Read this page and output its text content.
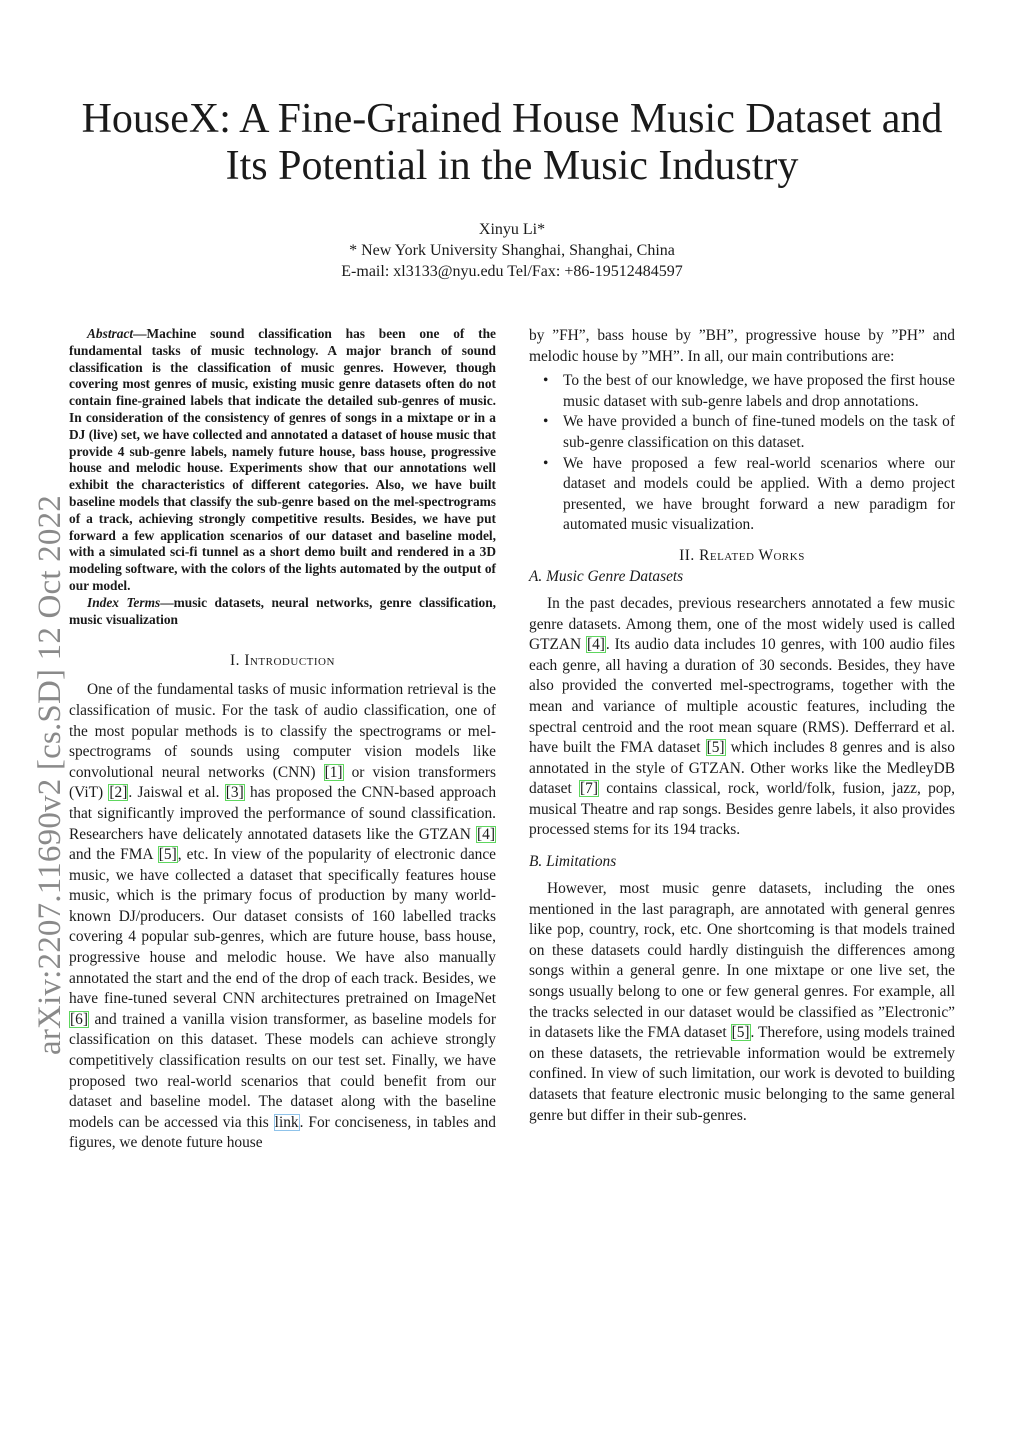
arXiv:2207.11690v2 [cs.SD] 12 Oct 2022
HouseX: A Fine-Grained House Music Dataset and Its Potential in the Music Industry
Xinyu Li*
* New York University Shanghai, Shanghai, China
E-mail: xl3133@nyu.edu Tel/Fax: +86-19512484597

Abstract—Machine sound classification has been one of the fundamental tasks of music technology. A major branch of sound classification is the classification of music genres. However, though covering most genres of music, existing music genre datasets often do not contain fine-grained labels that indicate the detailed sub-genres of music. In consideration of the consistency of genres of songs in a mixtape or in a DJ (live) set, we have collected and annotated a dataset of house music that provide 4 sub-genre labels, namely future house, bass house, progressive house and melodic house. Experiments show that our annotations well exhibit the characteristics of different categories. Also, we have built baseline models that classify the sub-genre based on the mel-spectrograms of a track, achieving strongly competitive results. Besides, we have put forward a few application scenarios of our dataset and baseline model, with a simulated sci-fi tunnel as a short demo built and rendered in a 3D modeling software, with the colors of the lights automated by the output of our model.

Index Terms—music datasets, neural networks, genre classification, music visualization

I. Introduction

One of the fundamental tasks of music information retrieval is the classification of music. For the task of audio classification, one of the most popular methods is to classify the spectrograms or mel-spectrograms of sounds using computer vision models like convolutional neural networks (CNN) [1] or vision transformers (ViT) [2]. Jaiswal et al. [3] has proposed the CNN-based approach that significantly improved the performance of sound classification. Researchers have delicately annotated datasets like the GTZAN [4] and the FMA [5], etc. In view of the popularity of electronic dance music, we have collected a dataset that specifically features house music, which is the primary focus of production by many world-known DJ/producers. Our dataset consists of 160 labelled tracks covering 4 popular sub-genres, which are future house, bass house, progressive house and melodic house. We have also manually annotated the start and the end of the drop of each track. Besides, we have fine-tuned several CNN architectures pretrained on ImageNet [6] and trained a vanilla vision transformer, as baseline models for classification on this dataset. These models can achieve strongly competitively classification results on our test set. Finally, we have proposed two real-world scenarios that could benefit from our dataset and baseline model. The dataset along with the baseline models can be accessed via this link. For conciseness, in tables and figures, we denote future house

by ”FH”, bass house by ”BH”, progressive house by ”PH” and melodic house by ”MH”. In all, our main contributions are:

• To the best of our knowledge, we have proposed the first house music dataset with sub-genre labels and drop annotations.
• We have provided a bunch of fine-tuned models on the task of sub-genre classification on this dataset.
• We have proposed a few real-world scenarios where our dataset and models could be applied. With a demo project presented, we have brought forward a new paradigm for automated music visualization.
II. Related Works
A. Music Genre Datasets

In the past decades, previous researchers annotated a few music genre datasets. Among them, one of the most widely used is called GTZAN [4]. Its audio data includes 10 genres, with 100 audio files each genre, all having a duration of 30 seconds. Besides, they have also provided the converted mel-spectrograms, together with the mean and variance of multiple acoustic features, including the spectral centroid and the root mean square (RMS). Defferrard et al. have built the FMA dataset [5] which includes 8 genres and is also annotated in the style of GTZAN. Other works like the MedleyDB dataset [7] contains classical, rock, world/folk, fusion, jazz, pop, musical Theatre and rap songs. Besides genre labels, it also provides processed stems for its 194 tracks.

B. Limitations

However, most music genre datasets, including the ones mentioned in the last paragraph, are annotated with general genres like pop, country, rock, etc. One shortcoming is that models trained on these datasets could hardly distinguish the differences among songs within a general genre. In one mixtape or one live set, the songs usually belong to one or few general genres. For example, all the tracks selected in our dataset would be classified as ”Electronic” in datasets like the FMA dataset [5]. Therefore, using models trained on these datasets, the retrievable information would be extremely confined. In view of such limitation, our work is devoted to building datasets that feature electronic music belonging to the same general genre but differ in their sub-genres.
